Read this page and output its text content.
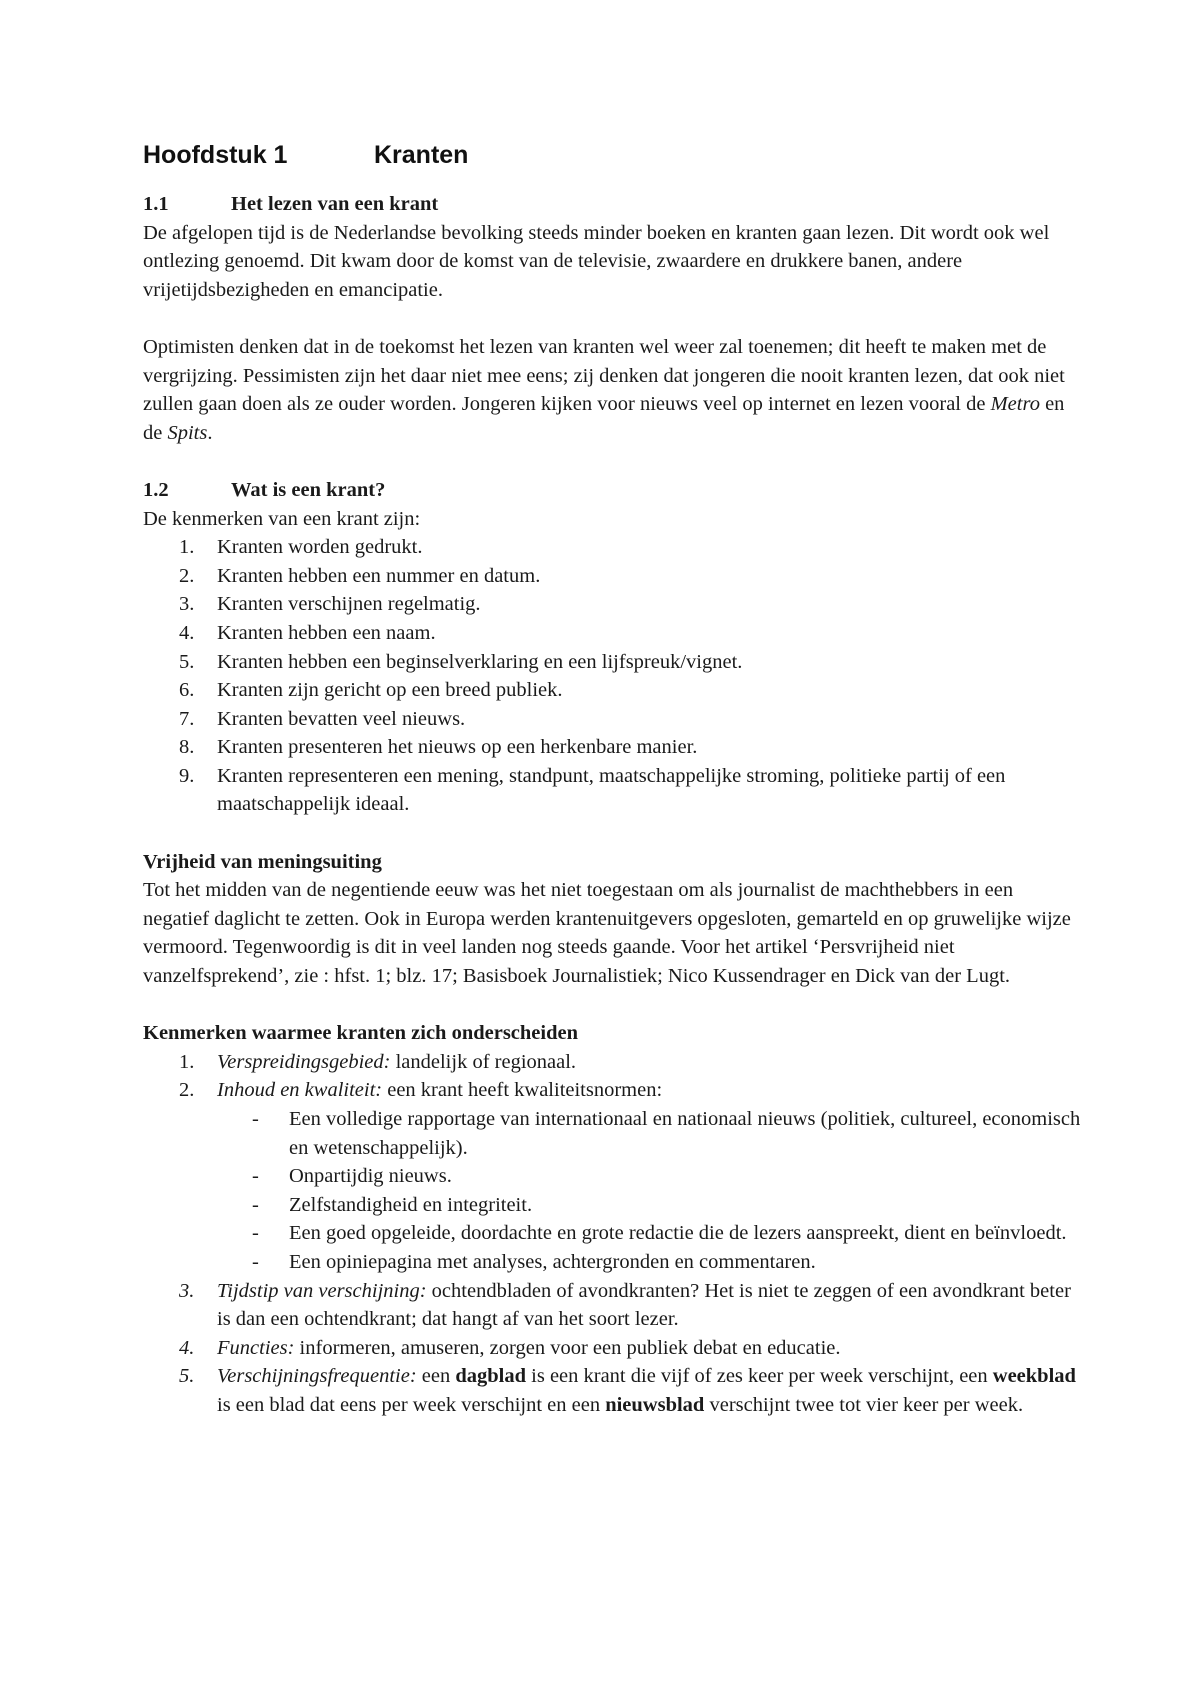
Hoofdstuk 1	Kranten
1.1	Het lezen van een krant

De afgelopen tijd is de Nederlandse bevolking steeds minder boeken en kranten gaan lezen. Dit wordt ook wel ontlezing genoemd. Dit kwam door de komst van de televisie, zwaardere en drukkere banen, andere vrijetijdsbezigheden en emancipatie.

Optimisten denken dat in de toekomst het lezen van kranten wel weer zal toenemen; dit heeft te maken met de vergrijzing. Pessimisten zijn het daar niet mee eens; zij denken dat jongeren die nooit kranten lezen, dat ook niet zullen gaan doen als ze ouder worden. Jongeren kijken voor nieuws veel op internet en lezen vooral de Metro en de Spits.

1.2	Wat is een krant?

De kenmerken van een krant zijn:

1.	Kranten worden gedrukt.
2.	Kranten hebben een nummer en datum.
3.	Kranten verschijnen regelmatig.
4.	Kranten hebben een naam.
5.	Kranten hebben een beginselverklaring en een lijfspreuk/vignet.
6.	Kranten zijn gericht op een breed publiek.
7.	Kranten bevatten veel nieuws.
8.	Kranten presenteren het nieuws op een herkenbare manier.
9.	Kranten representeren een mening, standpunt, maatschappelijke stroming, politieke partij of een maatschappelijk ideaal.
Vrijheid van meningsuiting

Tot het midden van de negentiende eeuw was het niet toegestaan om als journalist de machthebbers in een negatief daglicht te zetten. Ook in Europa werden krantenuitgevers opgesloten, gemarteld en op gruwelijke wijze vermoord. Tegenwoordig is dit in veel landen nog steeds gaande. Voor het artikel ‘Persvrijheid niet vanzelfsprekend’, zie : hfst. 1; blz. 17; Basisboek Journalistiek; Nico Kussendrager en Dick van der Lugt.

Kenmerken waarmee kranten zich onderscheiden
1.	Verspreidingsgebied: landelijk of regionaal.
2.	Inhoud en kwaliteit: een krant heeft kwaliteitsnormen:
- Een volledige rapportage van internationaal en nationaal nieuws (politiek, cultureel, economisch en wetenschappelijk).
- Onpartijdig nieuws.
- Zelfstandigheid en integriteit.
- Een goed opgeleide, doordachte en grote redactie die de lezers aanspreekt, dient en beïnvloedt.
- Een opiniepagina met analyses, achtergronden en commentaren.
3.	Tijdstip van verschijning: ochtendbladen of avondkranten? Het is niet te zeggen of een avondkrant beter is dan een ochtendkrant; dat hangt af van het soort lezer.
4.	Functies: informeren, amuseren, zorgen voor een publiek debat en educatie.
5.	Verschijningsfrequentie: een dagblad is een krant die vijf of zes keer per week verschijnt, een weekblad is een blad dat eens per week verschijnt en een nieuwsblad verschijnt twee tot vier keer per week.
